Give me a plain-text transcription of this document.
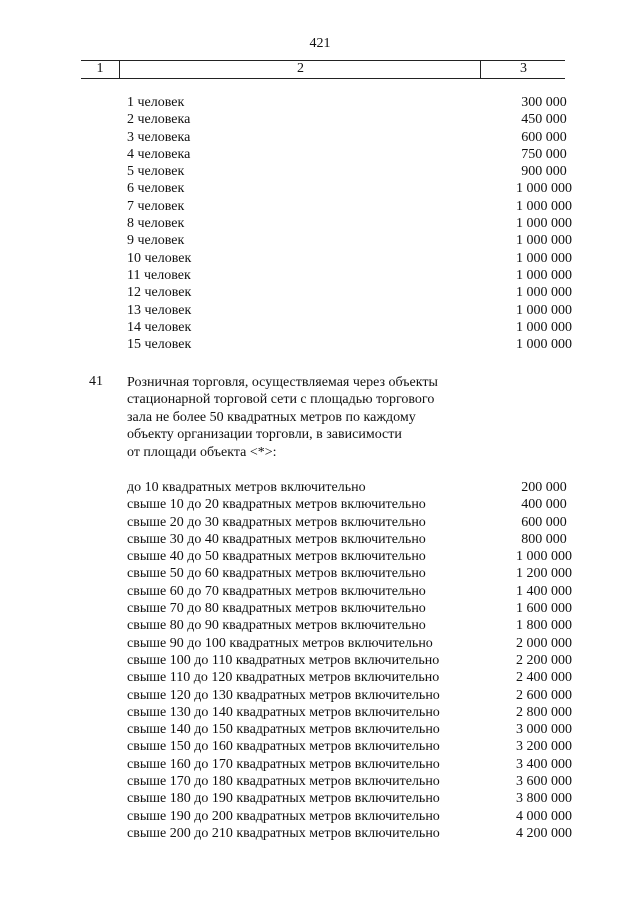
421
1	2	3
1 человек	300 000
2 человека	450 000
3 человека	600 000
4 человека	750 000
5 человек	900 000
6 человек	1 000 000
7 человек	1 000 000
8 человек	1 000 000
9 человек	1 000 000
10 человек	1 000 000
11 человек	1 000 000
12 человек	1 000 000
13 человек	1 000 000
14 человек	1 000 000
15 человек	1 000 000
41 Розничная торговля, осуществляемая через объекты
стационарной торговой сети с площадью торгового
зала не более 50 квадратных метров по каждому
объекту организации торговли, в зависимости
от площади объекта <*>:
до 10 квадратных метров включительно	200 000
свыше 10 до 20 квадратных метров включительно	400 000
свыше 20 до 30 квадратных метров включительно	600 000
свыше 30 до 40 квадратных метров включительно	800 000
свыше 40 до 50 квадратных метров включительно	1 000 000
свыше 50 до 60 квадратных метров включительно	1 200 000
свыше 60 до 70 квадратных метров включительно	1 400 000
свыше 70 до 80 квадратных метров включительно	1 600 000
свыше 80 до 90 квадратных метров включительно	1 800 000
свыше 90 до 100 квадратных метров включительно	2 000 000
свыше 100 до 110 квадратных метров включительно	2 200 000
свыше 110 до 120 квадратных метров включительно	2 400 000
свыше 120 до 130 квадратных метров включительно	2 600 000
свыше 130 до 140 квадратных метров включительно	2 800 000
свыше 140 до 150 квадратных метров включительно	3 000 000
свыше 150 до 160 квадратных метров включительно	3 200 000
свыше 160 до 170 квадратных метров включительно	3 400 000
свыше 170 до 180 квадратных метров включительно	3 600 000
свыше 180 до 190 квадратных метров включительно	3 800 000
свыше 190 до 200 квадратных метров включительно	4 000 000
свыше 200 до 210 квадратных метров включительно	4 200 000
